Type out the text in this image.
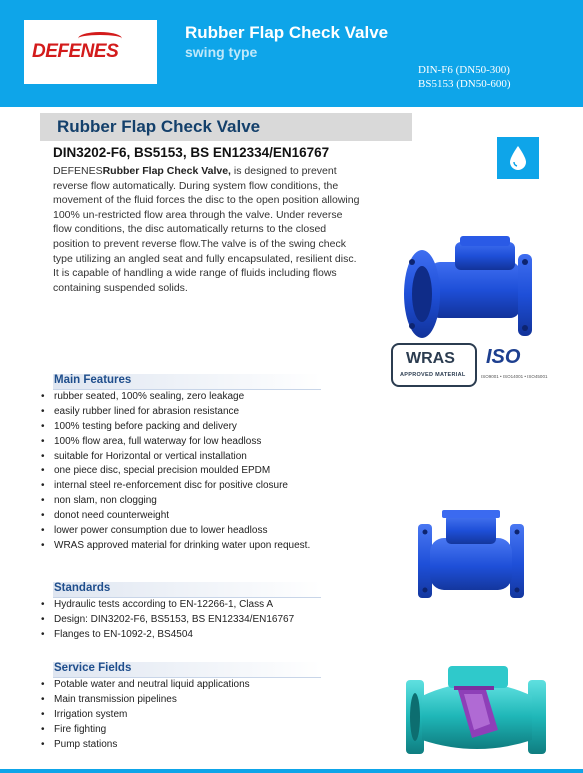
DEFENES
Rubber Flap Check Valve
swing type
DIN-F6 (DN50-300)
BS5153 (DN50-600)
Rubber Flap Check Valve
DIN3202-F6, BS5153, BS EN12334/EN16767
DEFENESRubber Flap Check Valve, is designed to prevent reverse flow automatically. During system flow conditions, the movement of the fluid forces the disc to the open position allowing 100% un-restricted flow area through the valve. Under reverse flow conditions, the disc automatically returns to the closed position to prevent reverse flow.The valve is of the swing check type utilizing an angled seat and fully encapsulated, resilient disc. It is capable of handling a wide range of fluids including flows containing suspended solids.
WRAS
APPROVED MATERIAL
ISO
ISO9001 • ISO14001 • ISO45001
Main Features
• rubber seated, 100% sealing, zero leakage
• easily rubber lined for abrasion resistance
• 100% testing before packing and delivery
• 100% flow area, full waterway for low headloss
• suitable for Horizontal or vertical installation
• one piece disc, special precision moulded EPDM
• internal steel re-enforcement disc for positive closure
• non slam, non clogging
• donot need counterweight
• lower power consumption due to lower headloss
• WRAS approved material for drinking water upon request.
Standards
• Hydraulic tests according to EN-12266-1, Class A
• Design: DIN3202-F6, BS5153, BS EN12334/EN16767
• Flanges to EN-1092-2, BS4504
Service Fields
• Potable water and neutral liquid applications
• Main transmission pipelines
• Irrigation system
• Fire fighting
• Pump stations
